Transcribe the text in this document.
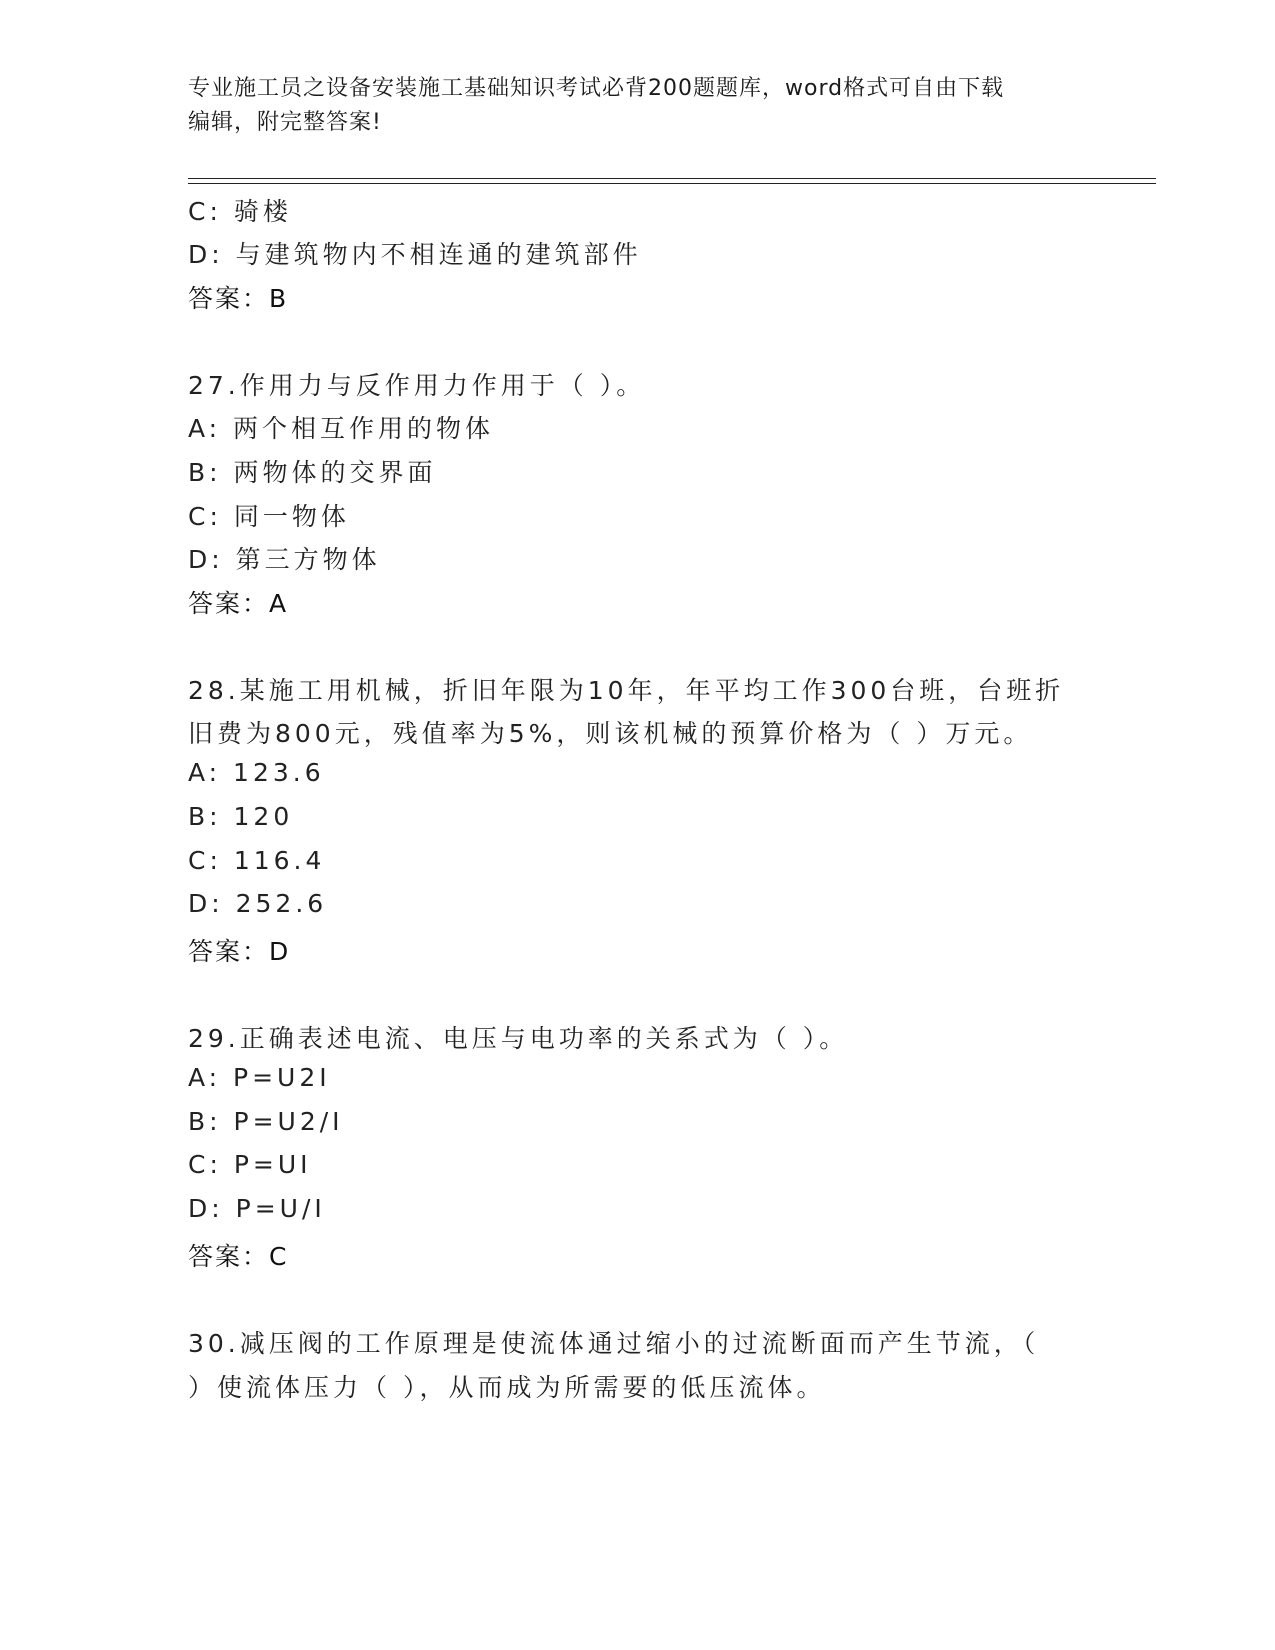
专业施工员之设备安装施工基础知识考试必背200题题库，word格式可自由下载
编辑，附完整答案!
C: 骑楼
D: 与建筑物内不相连通的建筑部件
答案：B
27.作用力与反作用力作用于（ ）。
A: 两个相互作用的物体
B: 两物体的交界面
C: 同一物体
D: 第三方物体
答案：A
28.某施工用机械，折旧年限为10年，年平均工作300台班，台班折
旧费为800元，残值率为5%，则该机械的预算价格为（ ）万元。
A: 123.6
B: 120
C: 116.4
D: 252.6
答案：D
29.正确表述电流、电压与电功率的关系式为（ ）。
A: P=U2I
B: P=U2/I
C: P=UI
D: P=U/I
答案：C
30.减压阀的工作原理是使流体通过缩小的过流断面而产生节流，（
）使流体压力（ ），从而成为所需要的低压流体。
